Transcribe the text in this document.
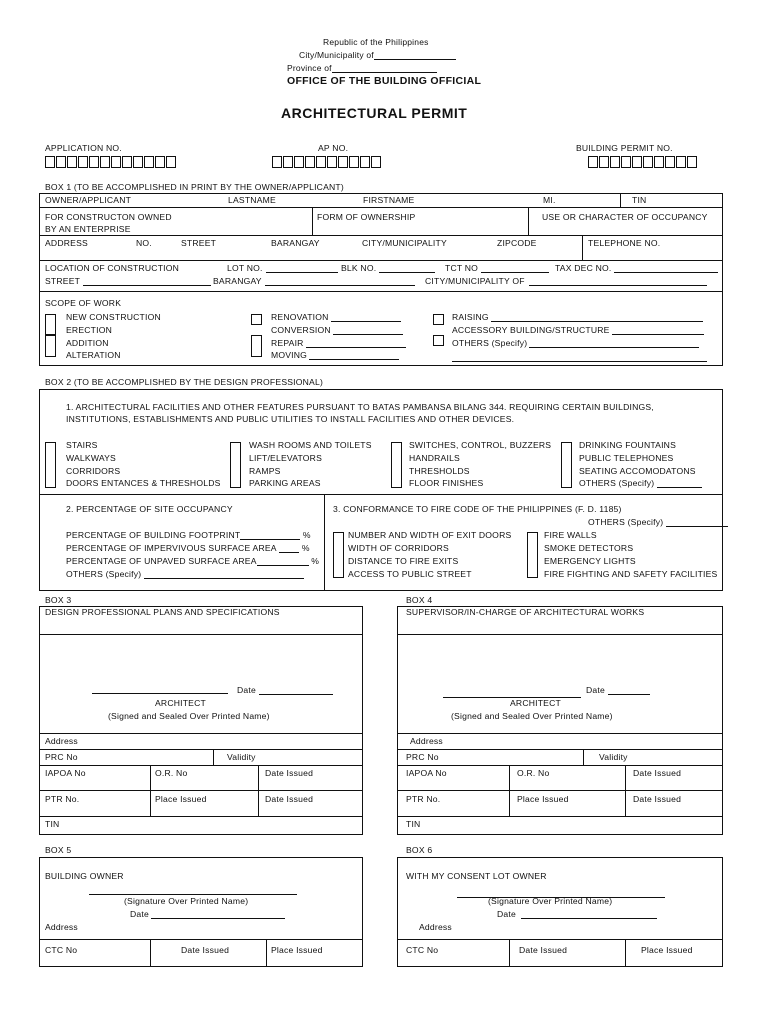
Republic of the Philippines
City/Municipality of
Province of
OFFICE OF THE BUILDING OFFICIAL
ARCHITECTURAL PERMIT
APPLICATION NO.	AP NO.	BUILDING PERMIT NO.
BOX 1 (TO BE ACCOMPLISHED IN PRINT BY THE OWNER/APPLICANT)
OWNER/APPLICANT	LASTNAME	FIRSTNAME	MI.	TIN
FOR CONSTRUCTON OWNED
BY AN ENTERPRISE
FORM OF OWNERSHIP	USE OR CHARACTER OF OCCUPANCY
ADDRESS	NO.	STREET	BARANGAY	CITY/MUNICIPALITY	ZIPCODE	TELEPHONE NO.
LOCATION OF CONSTRUCTION	LOT NO.	BLK NO.	TCT NO	TAX DEC NO.
STREET	BARANGAY	CITY/MUNICIPALITY OF
SCOPE OF WORK
NEW CONSTRUCTION
ERECTION
ADDITION
ALTERATION
RENOVATION
CONVERSION
REPAIR
MOVING
RAISING
ACCESSORY BUILDING/STRUCTURE
OTHERS (Specify)
BOX 2 (TO BE ACCOMPLISHED BY THE DESIGN PROFESSIONAL)
1. ARCHITECTURAL FACILITIES AND OTHER FEATURES PURSUANT TO BATAS PAMBANSA BILANG 344. REQUIRING CERTAIN BUILDINGS,
INSTITUTIONS, ESTABLISHMENTS AND PUBLIC UTILITIES TO INSTALL FACILITIES AND OTHER DEVICES.
STAIRS
WALKWAYS
CORRIDORS
DOORS ENTANCES & THRESHOLDS
WASH ROOMS AND TOILETS
LIFT/ELEVATORS
RAMPS
PARKING AREAS
SWITCHES, CONTROL, BUZZERS
HANDRAILS
THRESHOLDS
FLOOR FINISHES
DRINKING FOUNTAINS
PUBLIC TELEPHONES
SEATING ACCOMODATONS
OTHERS (Specify)
2. PERCENTAGE OF SITE OCCUPANCY
PERCENTAGE OF BUILDING FOOTPRINT	%
PERCENTAGE OF IMPERVIVOUS SURFACE AREA	%
PERCENTAGE OF UNPAVED SURFACE AREA	%
OTHERS (Specify)
3. CONFORMANCE TO FIRE CODE OF THE PHILIPPINES (F. D. 1185)
OTHERS (Specify)
NUMBER AND WIDTH OF EXIT DOORS
WIDTH OF CORRIDORS
DISTANCE TO FIRE EXITS
ACCESS TO PUBLIC STREET
FIRE WALLS
SMOKE DETECTORS
EMERGENCY LIGHTS
FIRE FIGHTING AND SAFETY FACILITIES
BOX 3
DESIGN PROFESSIONAL PLANS AND SPECIFICATIONS
Date
ARCHITECT
(Signed and Sealed Over Printed Name)
Address
PRC No	Validity
IAPOA No	O.R. No	Date Issued
PTR No.	Place Issued	Date Issued
TIN
BOX 4
SUPERVISOR/IN-CHARGE OF ARCHITECTURAL WORKS
Date
ARCHITECT
(Signed and Sealed Over Printed Name)
Address
PRC No	Validity
IAPOA No	O.R. No	Date Issued
PTR No.	Place Issued	Date Issued
TIN
BOX 5
BUILDING OWNER
(Signature Over Printed Name)
Date
Address
CTC No	Date Issued	Place Issued
BOX 6
WITH MY CONSENT LOT OWNER
(Signature Over Printed Name)
Date
Address
CTC No	Date Issued	Place Issued
